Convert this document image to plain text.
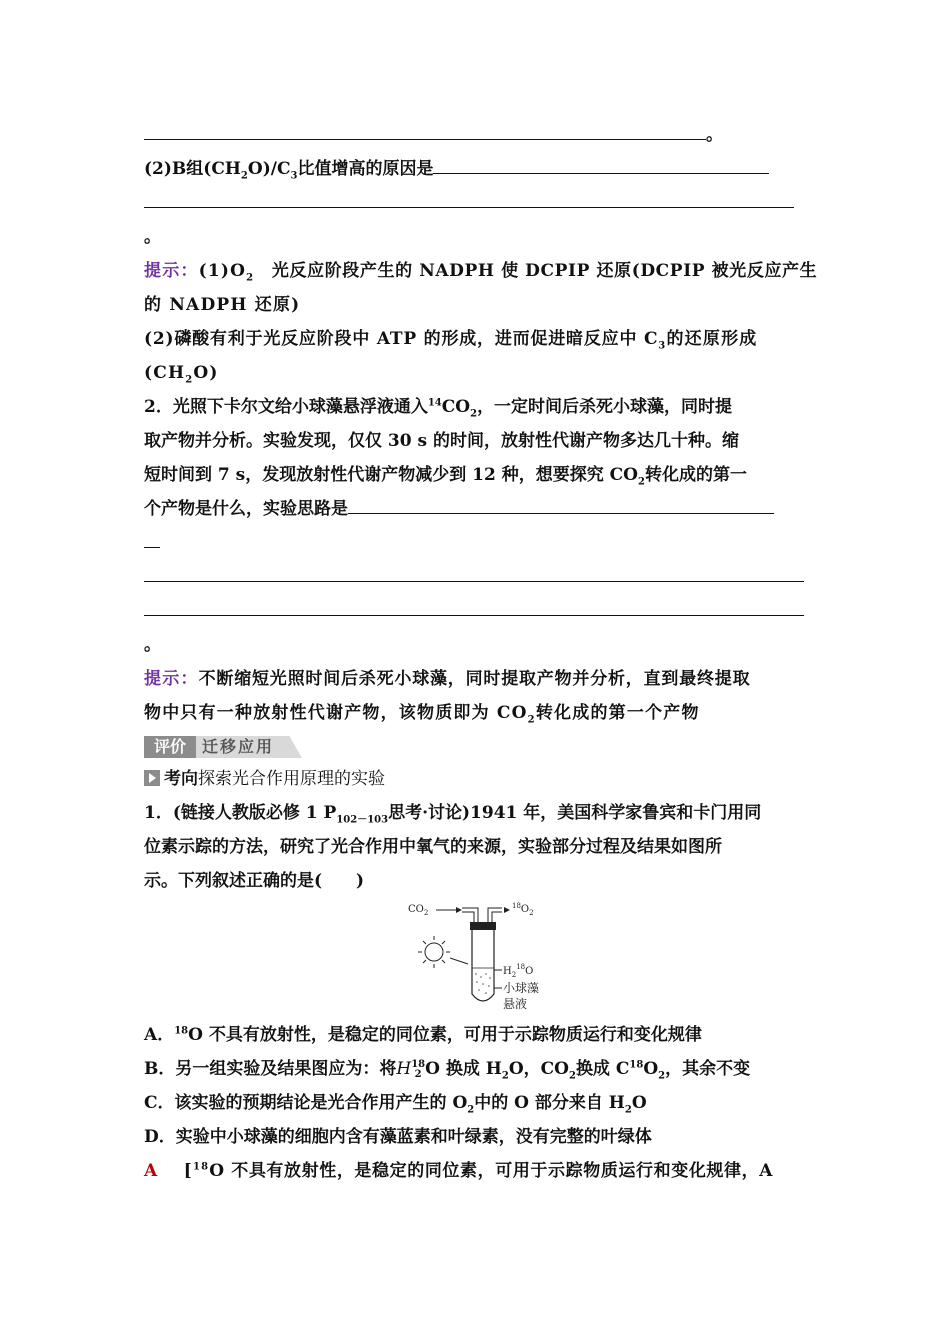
。
(2)B组$(CH_2O)/C_3$比值增高的原因是
。
提示：$(1)O_2$　光反应阶段产生的 NADPH 使 DCPIP 还原(DCPIP 被光反应产生
的 NADPH 还原)
(2)磷酸有利于光反应阶段中 ATP 的形成，进而促进暗反应中 $C_3$的还原形成
$(CH_2O)$
2．光照下卡尔文给小球藻悬浮液通入$^{14}CO_2$，一定时间后杀死小球藻，同时提
取产物并分析。实验发现，仅仅 30 s 的时间，放射性代谢产物多达几十种。缩
短时间到 7 s，发现放射性代谢产物减少到 12 种，想要探究 $CO_2$转化成的第一
个产物是什么，实验思路是
。
提示：不断缩短光照时间后杀死小球藻，同时提取产物并分析，直到最终提取
物中只有一种放射性代谢产物，该物质即为 $CO_2$转化成的第一个产物
评价	迁移应用
考向探索光合作用原理的实验
1．(链接人教版必修 1 $P_{102-103}$思考·讨论)1941 年，美国科学家鲁宾和卡门用同
位素示踪的方法，研究了光合作用中氧气的来源，实验部分过程及结果如图所
示。下列叙述正确的是(　　)
$CO_2$
$^{18}O_2$
$H_2^{18}O$
小球藻
悬液
A．$^{18}$O 不具有放射性，是稳定的同位素，可用于示踪物质运行和变化规律
B．另一组实验及结果图应为：将H 18
2 O 换成 $H_2O$，$CO_2$换成 $C^{18}O_2$，其余不变
C．该实验的预期结论是光合作用产生的 $O_2$中的 O 部分来自 $H_2O$
D．实验中小球藻的细胞内含有藻蓝素和叶绿素，没有完整的叶绿体
A　 [$^{18}$O 不具有放射性，是稳定的同位素，可用于示踪物质运行和变化规律，A
